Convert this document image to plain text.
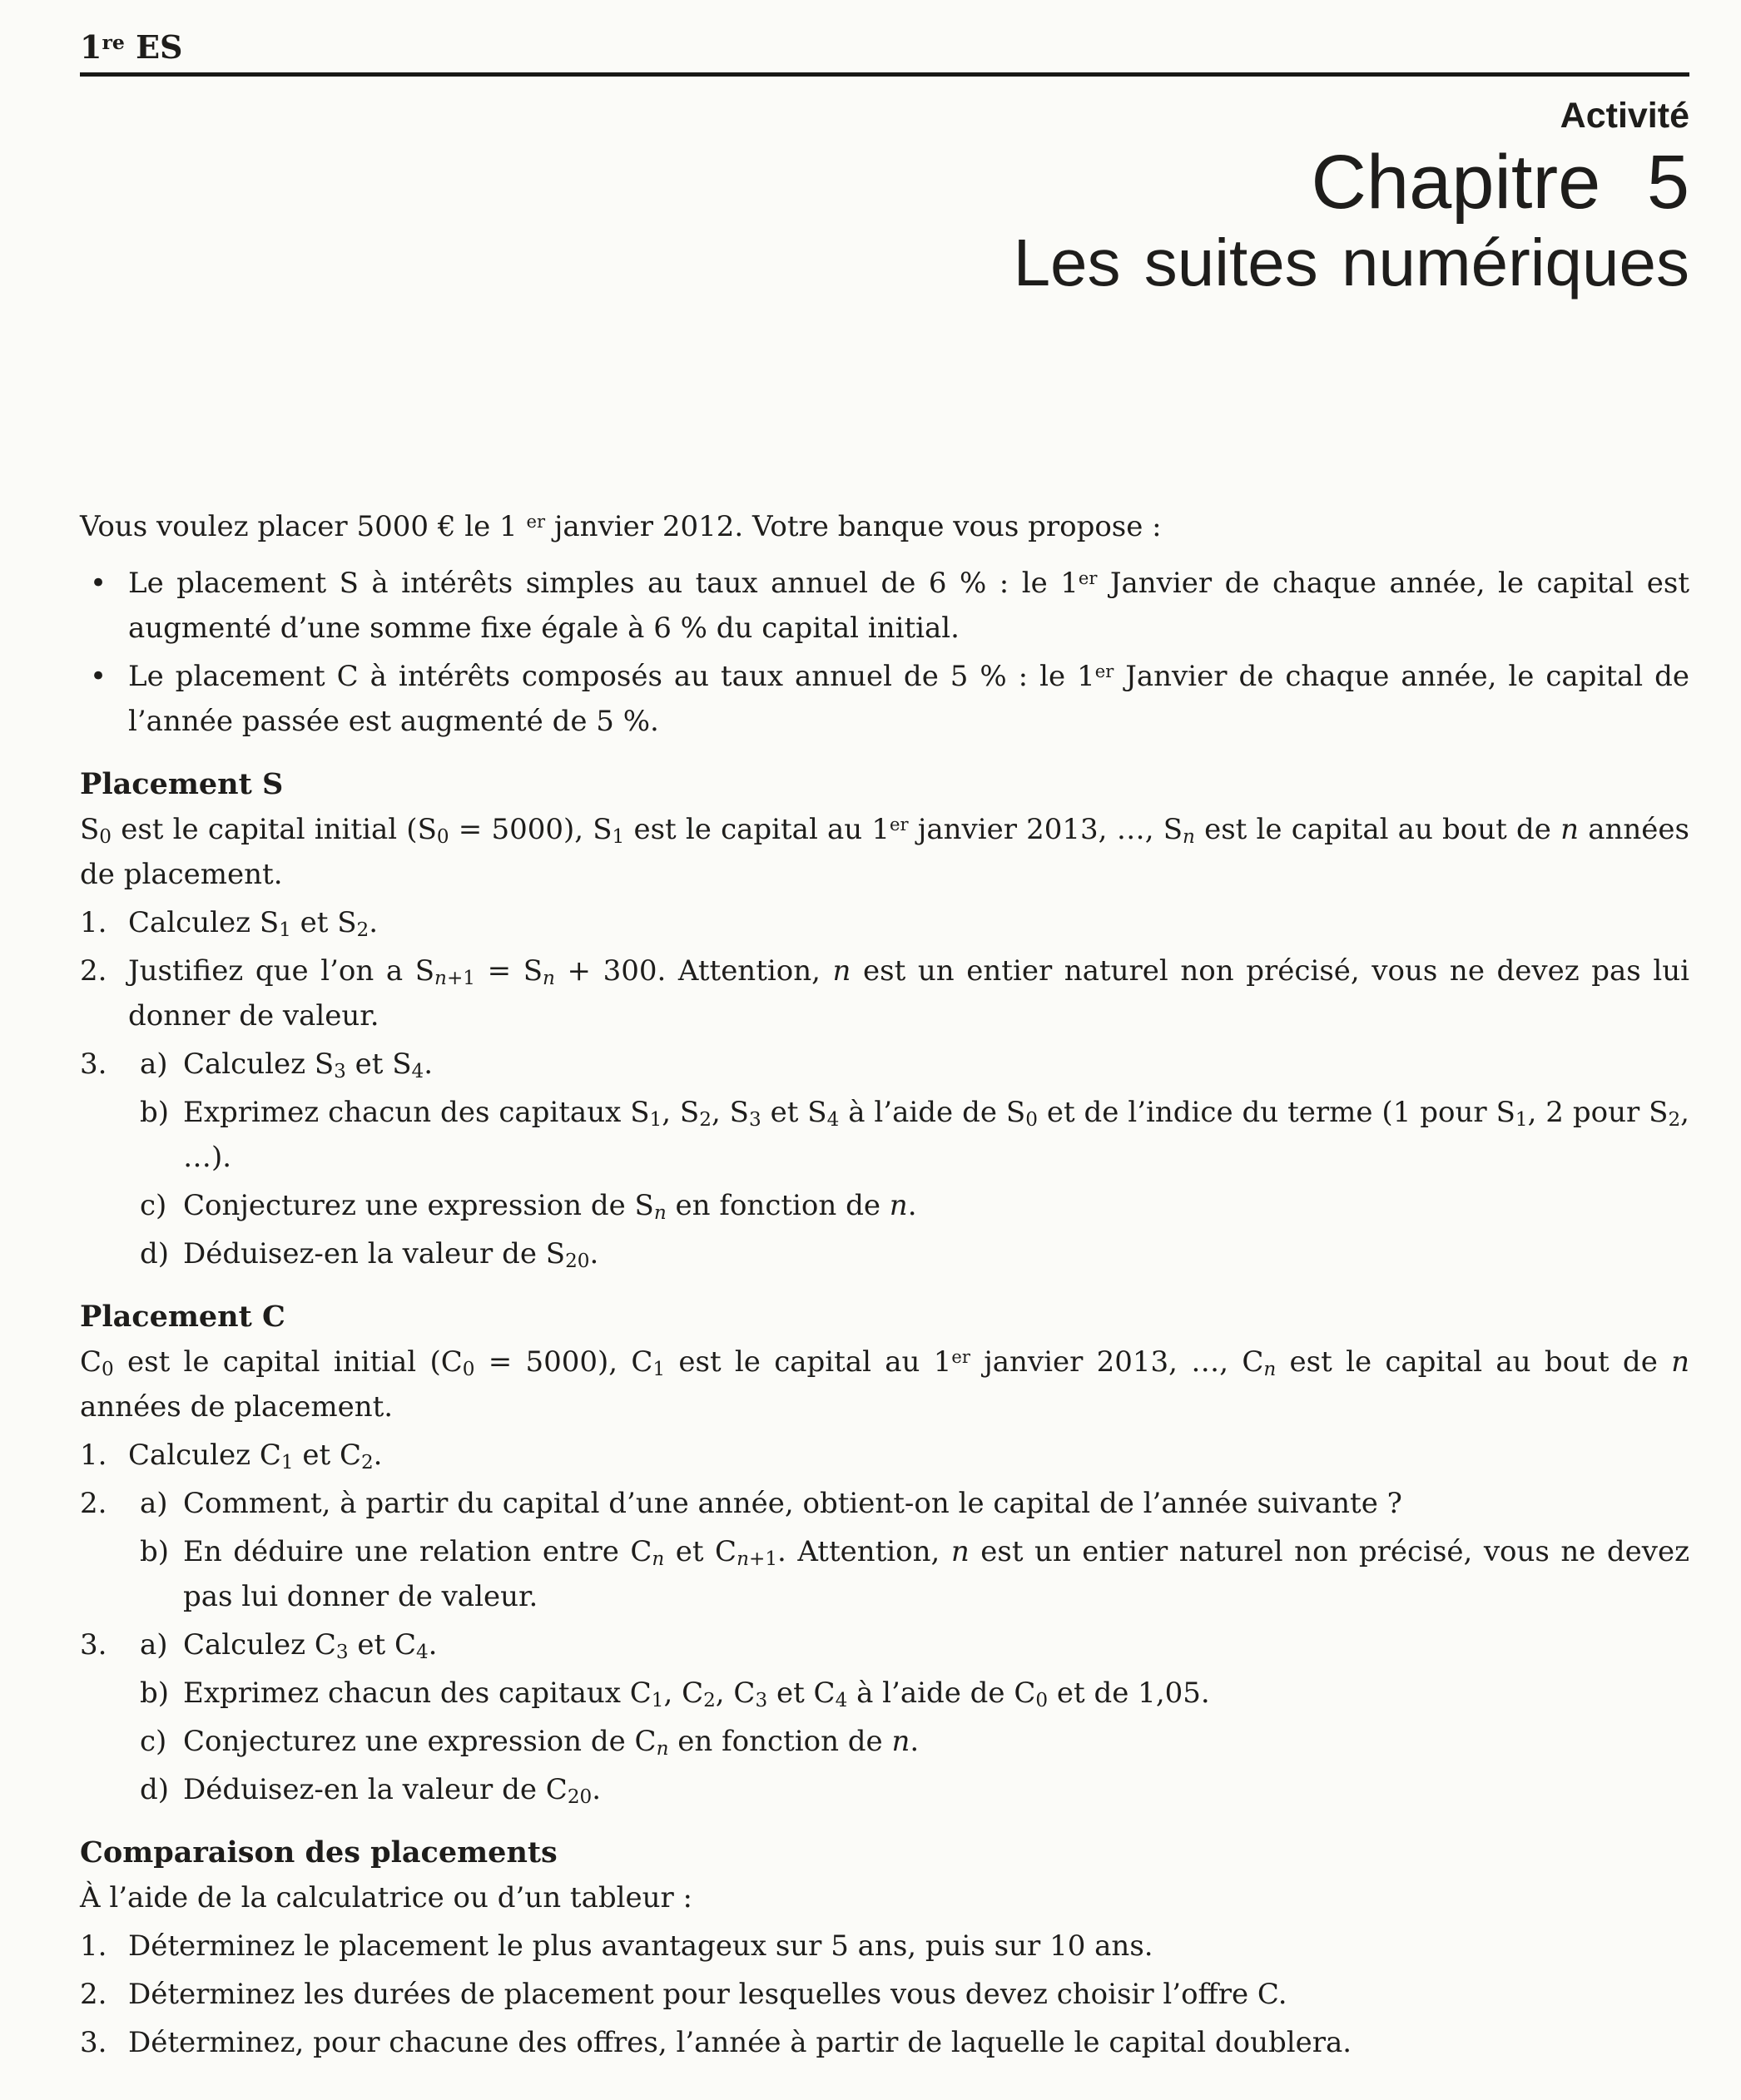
1re ES
Activité
Chapitre 5
Les suites numériques

Vous voulez placer 5000 € le 1 $^{er}$ janvier 2012. Votre banque vous propose :

• Le placement S à intérêts simples au taux annuel de 6 % : le 1er Janvier de chaque année, le capital est augmenté d’une somme fixe égale à 6 % du capital initial.
• Le placement C à intérêts composés au taux annuel de 5 % : le 1er Janvier de chaque année, le capital de l’année passée est augmenté de 5 %.
Placement S

$S_0$ est le capital initial $(S_0 = 5000)$, $S_1$ est le capital au 1er janvier 2013, …, $S_n$ est le capital au bout de n années de placement.

1. Calculez $S_1$ et $S_2$.
2. Justifiez que l’on a $S_{n+1} = S_n + 300$. Attention, n est un entier naturel non précisé, vous ne devez pas lui donner de valeur.
3.	a) Calculez $S_3$ et $S_4$.
b) Exprimez chacun des capitaux $S_1$, $S_2$, $S_3$ et $S_4$ à l’aide de $S_0$ et de l’indice du terme (1 pour $S_1$, 2 pour $S_2$, …).
c) Conjecturez une expression de $S_n$ en fonction de n.
d) Déduisez-en la valeur de $S_{20}$.
Placement C

$C_0$ est le capital initial $(C_0 = 5000)$, $C_1$ est le capital au 1er janvier 2013, …, $C_n$ est le capital au bout de n années de placement.

1. Calculez $C_1$ et $C_2$.
2.	a) Comment, à partir du capital d’une année, obtient-on le capital de l’année suivante ?
b) En déduire une relation entre $C_n$ et $C_{n+1}$. Attention, n est un entier naturel non précisé, vous ne devez pas lui donner de valeur.
3.	a) Calculez $C_3$ et $C_4$.
b) Exprimez chacun des capitaux $C_1$, $C_2$, $C_3$ et $C_4$ à l’aide de $C_0$ et de 1,05.
c) Conjecturez une expression de $C_n$ en fonction de n.
d) Déduisez-en la valeur de $C_{20}$.
Comparaison des placements

À l’aide de la calculatrice ou d’un tableur :

1. Déterminez le placement le plus avantageux sur 5 ans, puis sur 10 ans.
2. Déterminez les durées de placement pour lesquelles vous devez choisir l’offre C.
3. Déterminez, pour chacune des offres, l’année à partir de laquelle le capital doublera.
